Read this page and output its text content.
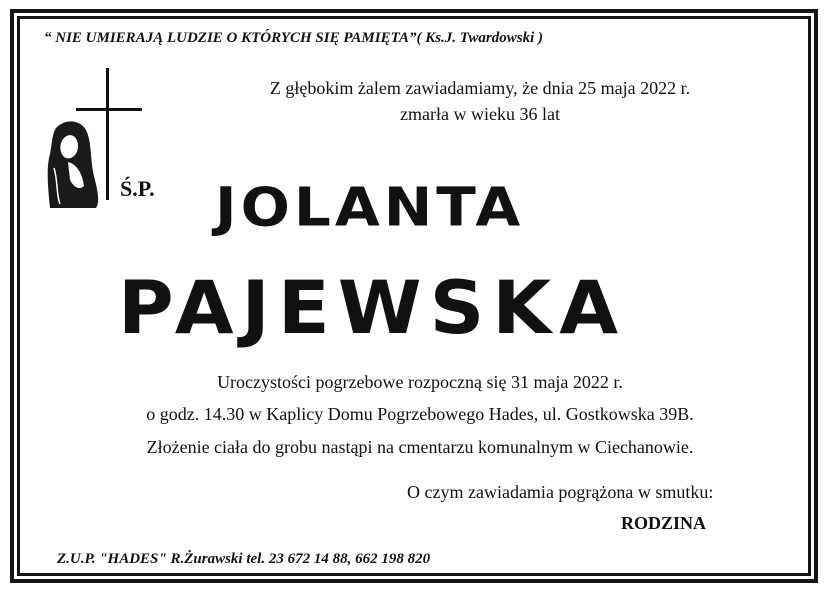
“ NIE UMIERAJĄ LUDZIE O KTÓRYCH SIĘ PAMIĘTA”( Ks.J. Twardowski )
Z głębokim żalem zawiadamiamy, że dnia 25 maja 2022 r.
zmarła w wieku 36 lat
Ś.P. JOLANTA
PAJEWSKA
Uroczystości pogrzebowe rozpoczną się 31 maja 2022 r.
o godz. 14.30 w Kaplicy Domu Pogrzebowego Hades, ul. Gostkowska 39B.
Złożenie ciała do grobu nastąpi na cmentarzu komunalnym w Ciechanowie.
O czym zawiadamia pogrążona w smutku:
RODZINA
Z.U.P. "HADES" R.Żurawski tel. 23 672 14 88, 662 198 820
